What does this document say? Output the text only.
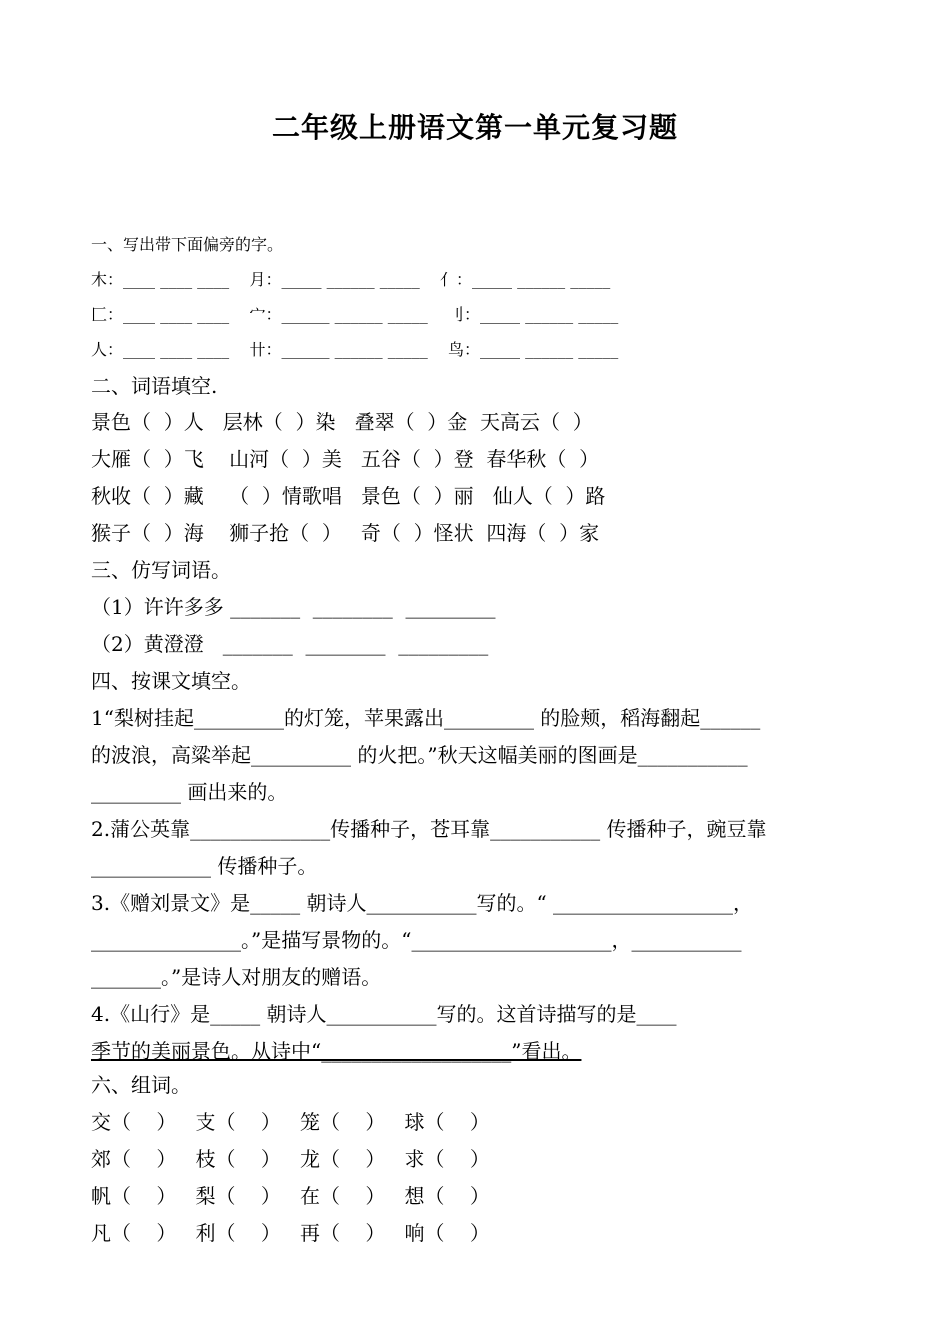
二年级上册语文第一单元复习题
一、写出带下面偏旁的字。
木：____ ____ ____    月：_____ ______ _____    亻：_____ ______ _____
匚：____ ____ ____    宀：______ ______ _____    刂：_____ ______ _____
人：____ ____ ____    卄：______ ______ _____    鸟：_____ ______ _____
二、词语填空.
景色（  ）人   层林（  ）染   叠翠（  ）金  天高云（  ）
大雁（  ）飞    山河（  ）美   五谷（  ）登  春华秋（  ）
秋收（  ）藏    （  ）情歌唱   景色（  ）丽   仙人（  ）路
猴子（  ）海    狮子抢（  ）   奇（  ）怪状  四海（  ）家
三、仿写词语。
（1）许许多多 _______  ________  _________
（2）黄澄澄   _______  ________  _________
四、按课文填空。
1“梨树挂起_________的灯笼，苹果露出_________ 的脸颊，稻海翻起______
的波浪，高粱举起__________ 的火把。”秋天这幅美丽的图画是___________
_________ 画出来的。
2.蒲公英靠______________传播种子，苍耳靠___________ 传播种子，豌豆靠
____________ 传播种子。
3.《赠刘景文》是_____ 朝诗人___________写的。“ __________________，
_______________。”是描写景物的。“____________________，___________
_______。”是诗人对朋友的赠语。
4.《山行》是_____ 朝诗人___________写的。这首诗描写的是____
季节的美丽景色。从诗中“___________________”看出。
六、组词。
交（    ）   支（    ）   笼（    ）   球（    ）
郊（    ）   枝（    ）   龙（    ）   求（    ）
帆（    ）   梨（    ）   在（    ）   想（    ）
凡（    ）   利（    ）   再（    ）   响（    ）
